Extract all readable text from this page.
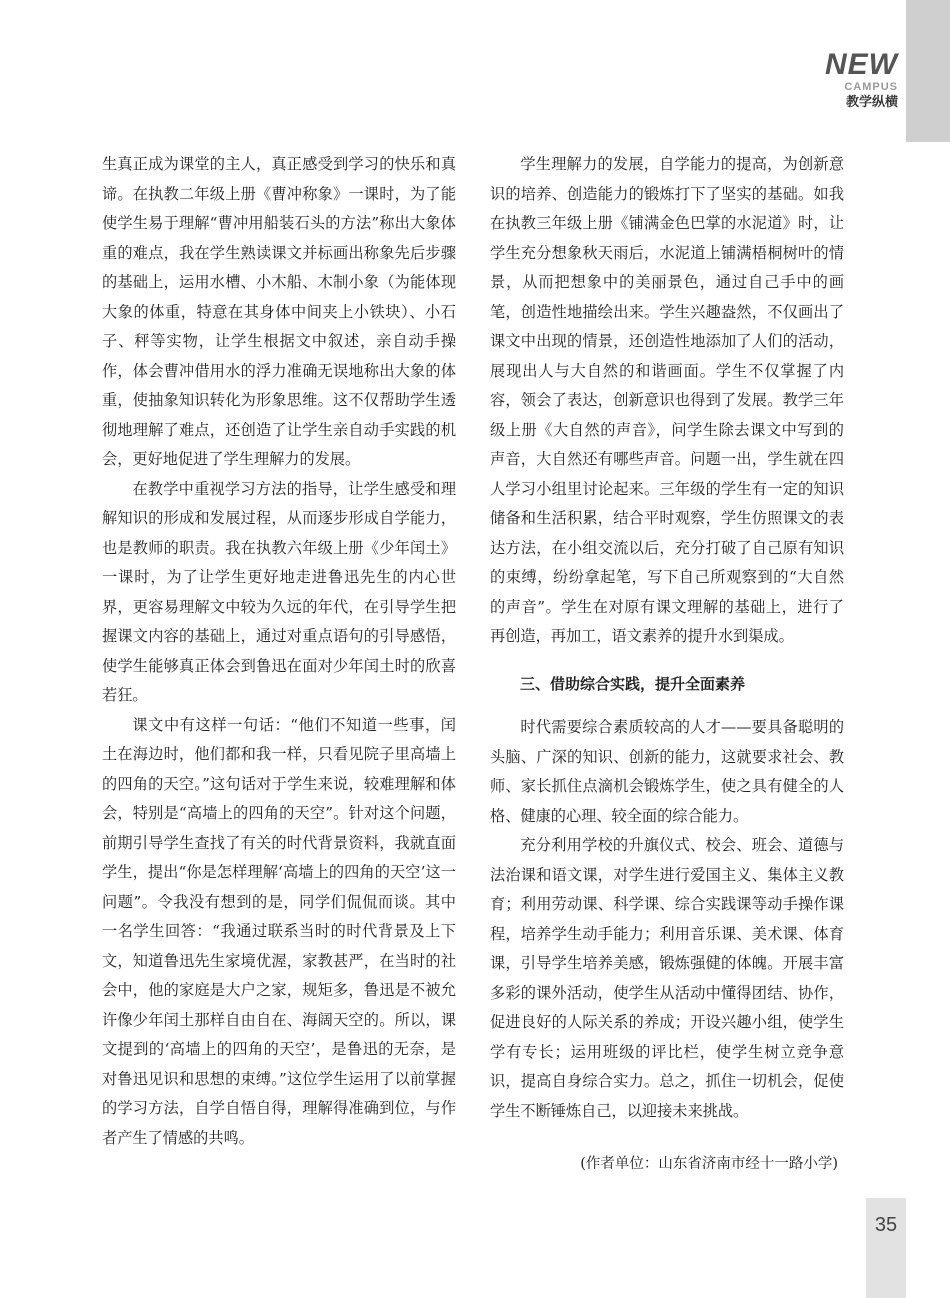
NEW
CAMPUS
教学纵横

生真正成为课堂的主人，真正感受到学习的快乐和真谛。在执教二年级上册《曹冲称象》一课时，为了能使学生易于理解“曹冲用船装石头的方法”称出大象体重的难点，我在学生熟读课文并标画出称象先后步骤的基础上，运用水槽、小木船、木制小象（为能体现大象的体重，特意在其身体中间夹上小铁块）、小石子、秤等实物，让学生根据文中叙述，亲自动手操作，体会曹冲借用水的浮力准确无误地称出大象的体重，使抽象知识转化为形象思维。这不仅帮助学生透彻地理解了难点，还创造了让学生亲自动手实践的机会，更好地促进了学生理解力的发展。

在教学中重视学习方法的指导，让学生感受和理解知识的形成和发展过程，从而逐步形成自学能力，也是教师的职责。我在执教六年级上册《少年闰土》一课时，为了让学生更好地走进鲁迅先生的内心世界，更容易理解文中较为久远的年代，在引导学生把握课文内容的基础上，通过对重点语句的引导感悟，使学生能够真正体会到鲁迅在面对少年闰土时的欣喜若狂。

课文中有这样一句话：“他们不知道一些事，闰土在海边时，他们都和我一样，只看见院子里高墙上的四角的天空。”这句话对于学生来说，较难理解和体会，特别是“高墙上的四角的天空”。针对这个问题，前期引导学生查找了有关的时代背景资料，我就直面学生，提出“你是怎样理解‘高墙上的四角的天空’这一问题”。令我没有想到的是，同学们侃侃而谈。其中一名学生回答：“我通过联系当时的时代背景及上下文，知道鲁迅先生家境优渥，家教甚严，在当时的社会中，他的家庭是大户之家，规矩多，鲁迅是不被允许像少年闰土那样自由自在、海阔天空的。所以，课文提到的‘高墙上的四角的天空’，是鲁迅的无奈，是对鲁迅见识和思想的束缚。”这位学生运用了以前掌握的学习方法，自学自悟自得，理解得准确到位，与作者产生了情感的共鸣。

学生理解力的发展，自学能力的提高，为创新意识的培养、创造能力的锻炼打下了坚实的基础。如我在执教三年级上册《铺满金色巴掌的水泥道》时，让学生充分想象秋天雨后，水泥道上铺满梧桐树叶的情景，从而把想象中的美丽景色，通过自己手中的画笔，创造性地描绘出来。学生兴趣盎然，不仅画出了课文中出现的情景，还创造性地添加了人们的活动，展现出人与大自然的和谐画面。学生不仅掌握了内容，领会了表达，创新意识也得到了发展。教学三年级上册《大自然的声音》，问学生除去课文中写到的声音，大自然还有哪些声音。问题一出，学生就在四人学习小组里讨论起来。三年级的学生有一定的知识储备和生活积累，结合平时观察，学生仿照课文的表达方法，在小组交流以后，充分打破了自己原有知识的束缚，纷纷拿起笔，写下自己所观察到的“大自然的声音”。学生在对原有课文理解的基础上，进行了再创造，再加工，语文素养的提升水到渠成。

三、借助综合实践，提升全面素养

时代需要综合素质较高的人才——要具备聪明的头脑、广深的知识、创新的能力，这就要求社会、教师、家长抓住点滴机会锻炼学生，使之具有健全的人格、健康的心理、较全面的综合能力。

充分利用学校的升旗仪式、校会、班会、道德与法治课和语文课，对学生进行爱国主义、集体主义教育；利用劳动课、科学课、综合实践课等动手操作课程，培养学生动手能力；利用音乐课、美术课、体育课，引导学生培养美感，锻炼强健的体魄。开展丰富多彩的课外活动，使学生从活动中懂得团结、协作，促进良好的人际关系的养成；开设兴趣小组，使学生学有专长；运用班级的评比栏，使学生树立竞争意识，提高自身综合实力。总之，抓住一切机会，促使学生不断锤炼自己，以迎接未来挑战。

(作者单位：山东省济南市经十一路小学)

35
